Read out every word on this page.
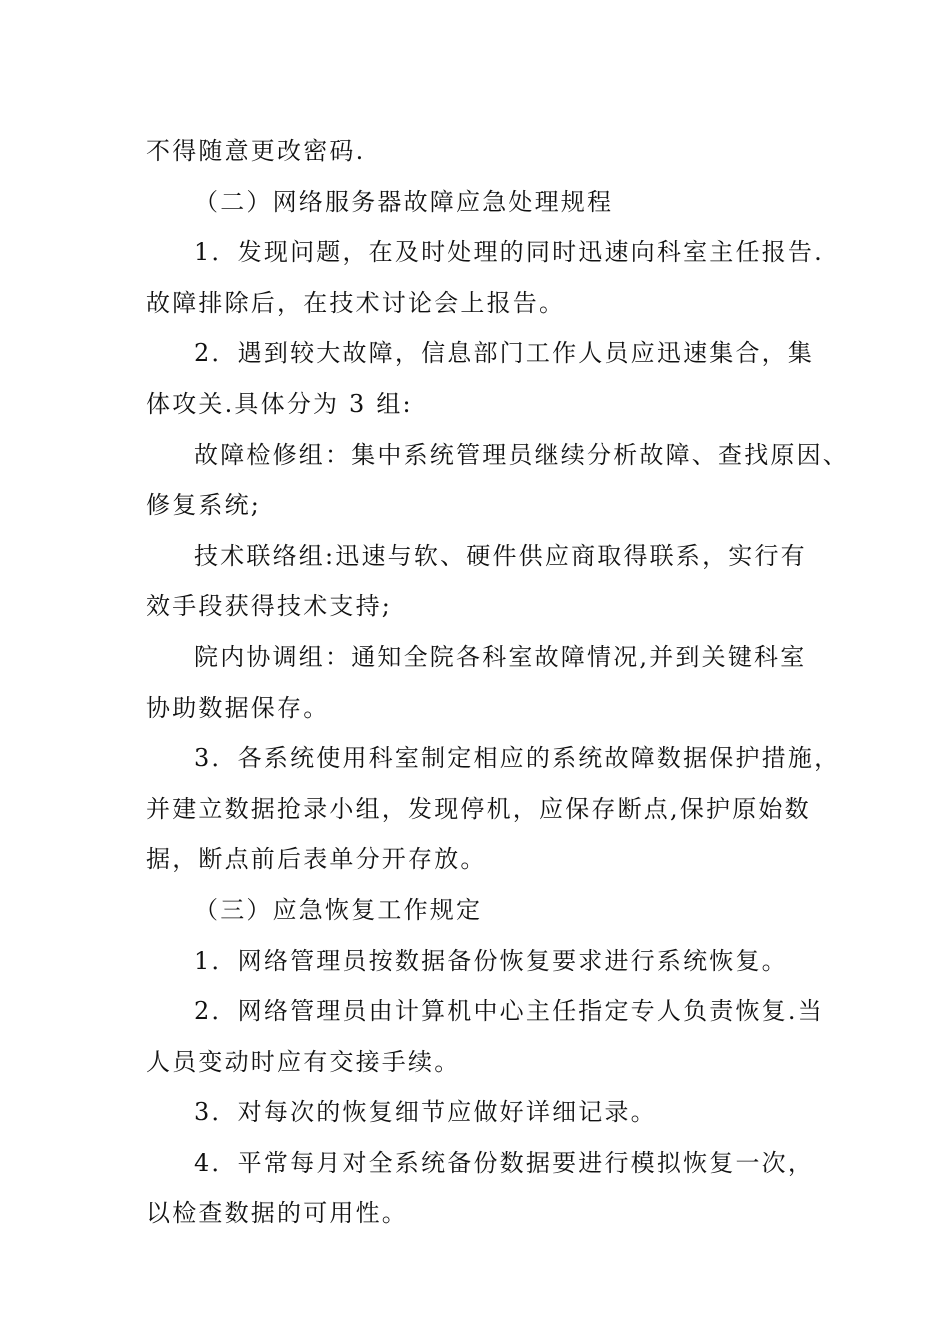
不得随意更改密码.
（二）网络服务器故障应急处理规程
1．发现问题，在及时处理的同时迅速向科室主任报告.
故障排除后，在技术讨论会上报告。
2．遇到较大故障，信息部门工作人员应迅速集合，集
体攻关.具体分为 3 组:
故障检修组：集中系统管理员继续分析故障、查找原因、
修复系统;
技术联络组:迅速与软、硬件供应商取得联系，实行有
效手段获得技术支持;
院内协调组：通知全院各科室故障情况,并到关键科室
协助数据保存。
3．各系统使用科室制定相应的系统故障数据保护措施，
并建立数据抢录小组，发现停机，应保存断点,保护原始数
据，断点前后表单分开存放。
（三）应急恢复工作规定
1．网络管理员按数据备份恢复要求进行系统恢复。
2．网络管理员由计算机中心主任指定专人负责恢复.当
人员变动时应有交接手续。
3．对每次的恢复细节应做好详细记录。
4．平常每月对全系统备份数据要进行模拟恢复一次，
以检查数据的可用性。
